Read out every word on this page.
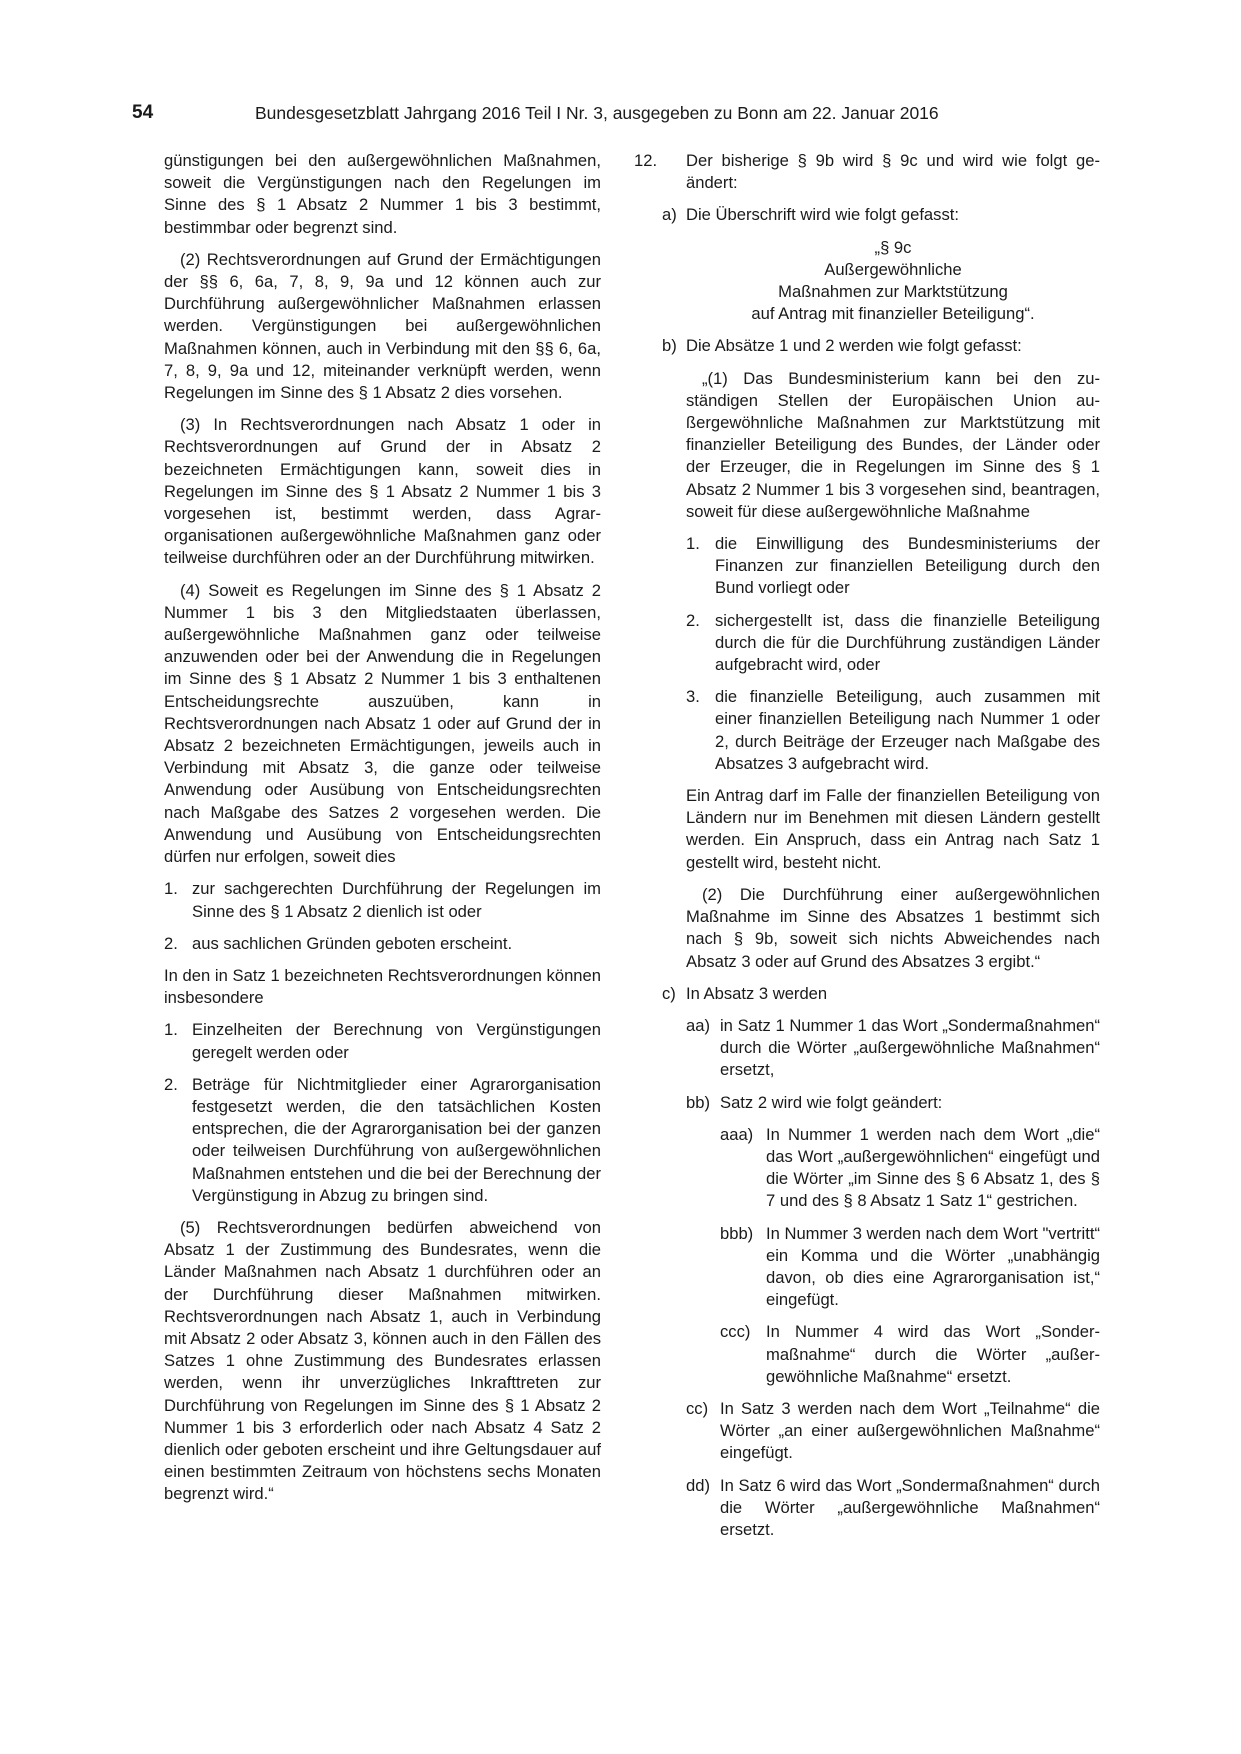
54	Bundesgesetzblatt Jahrgang 2016 Teil I Nr. 3, ausgegeben zu Bonn am 22. Januar 2016

günstigungen bei den außergewöhnlichen Maßnahmen, soweit die Vergünstigungen nach den Regelungen im Sinne des § 1 Absatz 2 Nummer 1 bis 3 bestimmt, bestimmbar oder begrenzt sind.

(2) Rechtsverordnungen auf Grund der Ermächtigungen der §§ 6, 6a, 7, 8, 9, 9a und 12 können auch zur Durchführung außergewöhnlicher Maßnahmen erlassen werden. Vergünstigungen bei außergewöhnlichen Maßnahmen können, auch in Verbindung mit den §§ 6, 6a, 7, 8, 9, 9a und 12, miteinander verknüpft werden, wenn Regelungen im Sinne des § 1 Absatz 2 dies vorsehen.

(3) In Rechtsverordnungen nach Absatz 1 oder in Rechtsverordnungen auf Grund der in Absatz 2 bezeichneten Ermächtigungen kann, soweit dies in Regelungen im Sinne des § 1 Absatz 2 Nummer 1 bis 3 vorgesehen ist, bestimmt werden, dass Agrarorganisationen außergewöhnliche Maßnahmen ganz oder teilweise durchführen oder an der Durchführung mitwirken.

(4) Soweit es Regelungen im Sinne des § 1 Absatz 2 Nummer 1 bis 3 den Mitgliedstaaten überlassen, außergewöhnliche Maßnahmen ganz oder teilweise anzuwenden oder bei der Anwendung die in Regelungen im Sinne des § 1 Absatz 2 Nummer 1 bis 3 enthaltenen Entscheidungsrechte auszuüben, kann in Rechtsverordnungen nach Absatz 1 oder auf Grund der in Absatz 2 bezeichneten Ermächtigungen, jeweils auch in Verbindung mit Absatz 3, die ganze oder teilweise Anwendung oder Ausübung von Entscheidungsrechten nach Maßgabe des Satzes 2 vorgesehen werden. Die Anwendung und Ausübung von Entscheidungsrechten dürfen nur erfolgen, soweit dies

1. zur sachgerechten Durchführung der Regelungen im Sinne des § 1 Absatz 2 dienlich ist oder
2. aus sachlichen Gründen geboten erscheint.

In den in Satz 1 bezeichneten Rechtsverordnungen können insbesondere

1. Einzelheiten der Berechnung von Vergünstigungen geregelt werden oder
2. Beträge für Nichtmitglieder einer Agrarorganisation festgesetzt werden, die den tatsächlichen Kosten entsprechen, die der Agrarorganisation bei der ganzen oder teilweisen Durchführung von außergewöhnlichen Maßnahmen entstehen und die bei der Berechnung der Vergünstigung in Abzug zu bringen sind.

(5) Rechtsverordnungen bedürfen abweichend von Absatz 1 der Zustimmung des Bundesrates, wenn die Länder Maßnahmen nach Absatz 1 durchführen oder an der Durchführung dieser Maßnahmen mitwirken. Rechtsverordnungen nach Absatz 1, auch in Verbindung mit Absatz 2 oder Absatz 3, können auch in den Fällen des Satzes 1 ohne Zustimmung des Bundesrates erlassen werden, wenn ihr unverzügliches Inkrafttreten zur Durchführung von Regelungen im Sinne des § 1 Absatz 2 Nummer 1 bis 3 erforderlich oder nach Absatz 4 Satz 2 dienlich oder geboten erscheint und ihre Geltungsdauer auf einen bestimmten Zeitraum von höchstens sechs Monaten begrenzt wird.“

12. Der bisherige § 9b wird § 9c und wird wie folgt geändert:
a) Die Überschrift wird wie folgt gefasst:
„§ 9c
Außergewöhnliche
Maßnahmen zur Marktstützung
auf Antrag mit finanzieller Beteiligung“.
b) Die Absätze 1 und 2 werden wie folgt gefasst:

„(1) Das Bundesministerium kann bei den zuständigen Stellen der Europäischen Union außergewöhnliche Maßnahmen zur Marktstützung mit finanzieller Beteiligung des Bundes, der Länder oder der Erzeuger, die in Regelungen im Sinne des § 1 Absatz 2 Nummer 1 bis 3 vorgesehen sind, beantragen, soweit für diese außergewöhnliche Maßnahme

1. die Einwilligung des Bundesministeriums der Finanzen zur finanziellen Beteiligung durch den Bund vorliegt oder
2. sichergestellt ist, dass die finanzielle Beteiligung durch die für die Durchführung zuständigen Länder aufgebracht wird, oder
3. die finanzielle Beteiligung, auch zusammen mit einer finanziellen Beteiligung nach Nummer 1 oder 2, durch Beiträge der Erzeuger nach Maßgabe des Absatzes 3 aufgebracht wird.

Ein Antrag darf im Falle der finanziellen Beteiligung von Ländern nur im Benehmen mit diesen Ländern gestellt werden. Ein Anspruch, dass ein Antrag nach Satz 1 gestellt wird, besteht nicht.

(2) Die Durchführung einer außergewöhnlichen Maßnahme im Sinne des Absatzes 1 bestimmt sich nach § 9b, soweit sich nichts Abweichendes nach Absatz 3 oder auf Grund des Absatzes 3 ergibt.“

c) In Absatz 3 werden
aa) in Satz 1 Nummer 1 das Wort „Sondermaßnahmen“ durch die Wörter „außergewöhnliche Maßnahmen“ ersetzt,
bb) Satz 2 wird wie folgt geändert:
aaa) In Nummer 1 werden nach dem Wort „die“ das Wort „außergewöhnlichen“ eingefügt und die Wörter „im Sinne des § 6 Absatz 1, des § 7 und des § 8 Absatz 1 Satz 1“ gestrichen.
bbb) In Nummer 3 werden nach dem Wort "vertritt“ ein Komma und die Wörter „unabhängig davon, ob dies eine Agrarorganisation ist,“ eingefügt.
ccc) In Nummer 4 wird das Wort „Sondermaßnahme“ durch die Wörter „außergewöhnliche Maßnahme“ ersetzt.
cc) In Satz 3 werden nach dem Wort „Teilnahme“ die Wörter „an einer außergewöhnlichen Maßnahme“ eingefügt.
dd) In Satz 6 wird das Wort „Sondermaßnahmen“ durch die Wörter „außergewöhnliche Maßnahmen“ ersetzt.
